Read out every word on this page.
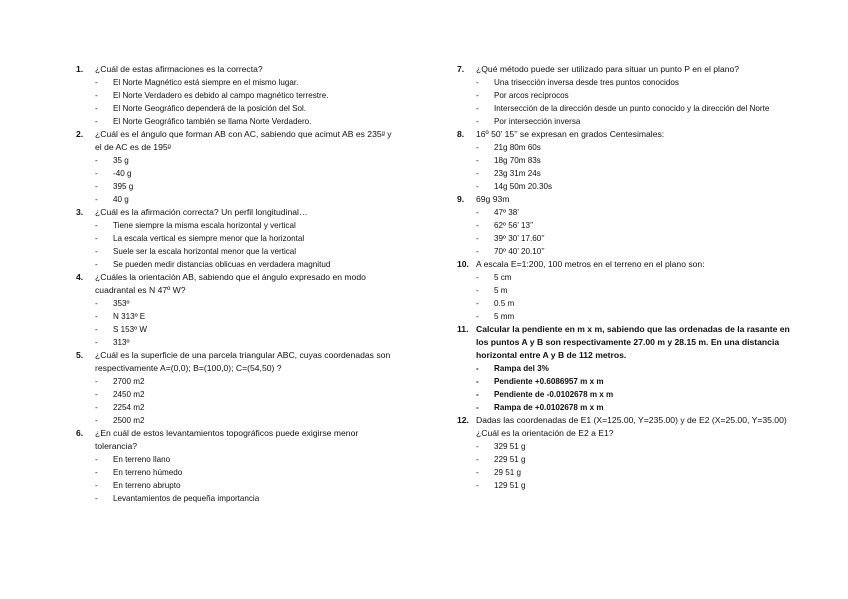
1. ¿Cuál de estas afirmaciones es la correcta?
- El Norte Magnético está siempre en el mismo lugar.
- El Norte Verdadero es debido al campo magnético terrestre.
- El Norte Geográfico dependerá de la posición del Sol.
- El Norte Geográfico también se llama Norte Verdadero.
2. ¿Cuál es el ángulo que forman AB con AC, sabiendo que acimut AB es 235ᵍ y el de AC es de 195ᵍ
- 35 g
- -40 g
- 395 g
- 40 g
3. ¿Cuál es la afirmación correcta? Un perfil longitudinal…
- Tiene siempre la misma escala horizontal y vertical
- La escala vertical es siempre menor que la horizontal
- Suele ser la escala horizontal menor que la vertical
- Se pueden medir distancias oblicuas en verdadera magnitud
4. ¿Cuáles la orientación AB, sabiendo que el ángulo expresado en modo cuadrantal es N 47º W?
- 353º
- N 313º E
- S 153º W
- 313º
5. ¿Cuál es la superficie de una parcela triangular ABC, cuyas coordenadas son respectivamente A=(0,0); B=(100,0); C=(54,50) ?
- 2700 m2
- 2450 m2
- 2254 m2
- 2500 m2
6. ¿En cuál de estos levantamientos topográficos puede exigirse menor tolerancia?
- En terreno llano
- En terreno húmedo
- En terreno abrupto
- Levantamientos de pequeña importancia
7. ¿Qué método puede ser utilizado para situar un punto P en el plano?
- Una trisección inversa desde tres puntos conocidos
- Por arcos recíprocos
- Intersección de la dirección desde un punto conocido y la dirección del Norte
- Por intersección inversa
8. 16º 50’ 15’’ se expresan en grados Centesimales:
- 21g 80m 60s
- 18g 70m 83s
- 23g 31m 24s
- 14g 50m 20.30s
9. 69g 93m
- 47º 38’
- 62º 56’ 13’’
- 39º 30’ 17.60’’
- 70º 40’ 20.10’’
10. A escala E=1:200, 100 metros en el terreno en el plano son:
- 5 cm
- 5 m
- 0.5 m
- 5 mm
11. Calcular la pendiente en m x m, sabiendo que las ordenadas de la rasante en los puntos A y B son respectivamente 27.00 m y 28.15 m. En una distancia horizontal entre A y B de 112 metros.
- Rampa del 3%
- Pendiente +0.6086957 m x m
- Pendiente de -0.0102678 m x m
- Rampa de +0.0102678 m x m
12. Dadas las coordenadas de E1 (X=125.00, Y=235.00) y de E2 (X=25.00, Y=35.00) ¿Cuál es la orientación de E2 a E1?
- 329 51 g
- 229 51 g
- 29 51 g
- 129 51 g
